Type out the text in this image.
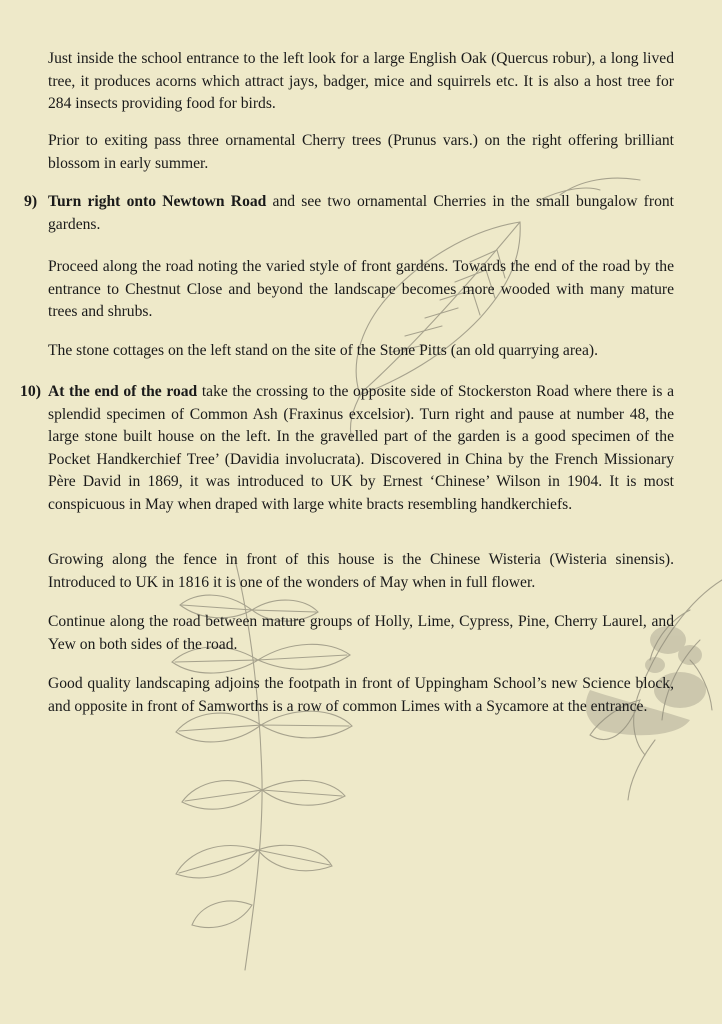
Just inside the school entrance to the left look for a large English Oak (Quercus robur), a long lived tree, it produces acorns which attract jays, badger, mice and squirrels etc. It is also a host tree for 284 insects providing food for birds.

Prior to exiting pass three ornamental Cherry trees (Prunus vars.) on the right offering brilliant blossom in early summer.

9) Turn right onto Newtown Road and see two ornamental Cherries in the small bungalow front gardens.

Proceed along the road noting the varied style of front gardens. Towards the end of the road by the entrance to Chestnut Close and beyond the landscape becomes more wooded with many mature trees and shrubs.

The stone cottages on the left stand on the site of the Stone Pitts (an old quarrying area).

10) At the end of the road take the crossing to the opposite side of Stockerston Road where there is a splendid specimen of Common Ash (Fraxinus excelsior). Turn right and pause at number 48, the large stone built house on the left. In the gravelled part of the garden is a good specimen of the Pocket Handkerchief Tree’ (Davidia involucrata). Discovered in China by the French Missionary Père David in 1869, it was introduced to UK by Ernest ‘Chinese’ Wilson in 1904. It is most conspicuous in May when draped with large white bracts resembling handkerchiefs.

Growing along the fence in front of this house is the Chinese Wisteria (Wisteria sinensis). Introduced to UK in 1816 it is one of the wonders of May when in full flower.

Continue along the road between mature groups of Holly, Lime, Cypress, Pine, Cherry Laurel, and Yew on both sides of the road.

Good quality landscaping adjoins the footpath in front of Uppingham School’s new Science block, and opposite in front of Samworths is a row of common Limes with a Sycamore at the entrance.
